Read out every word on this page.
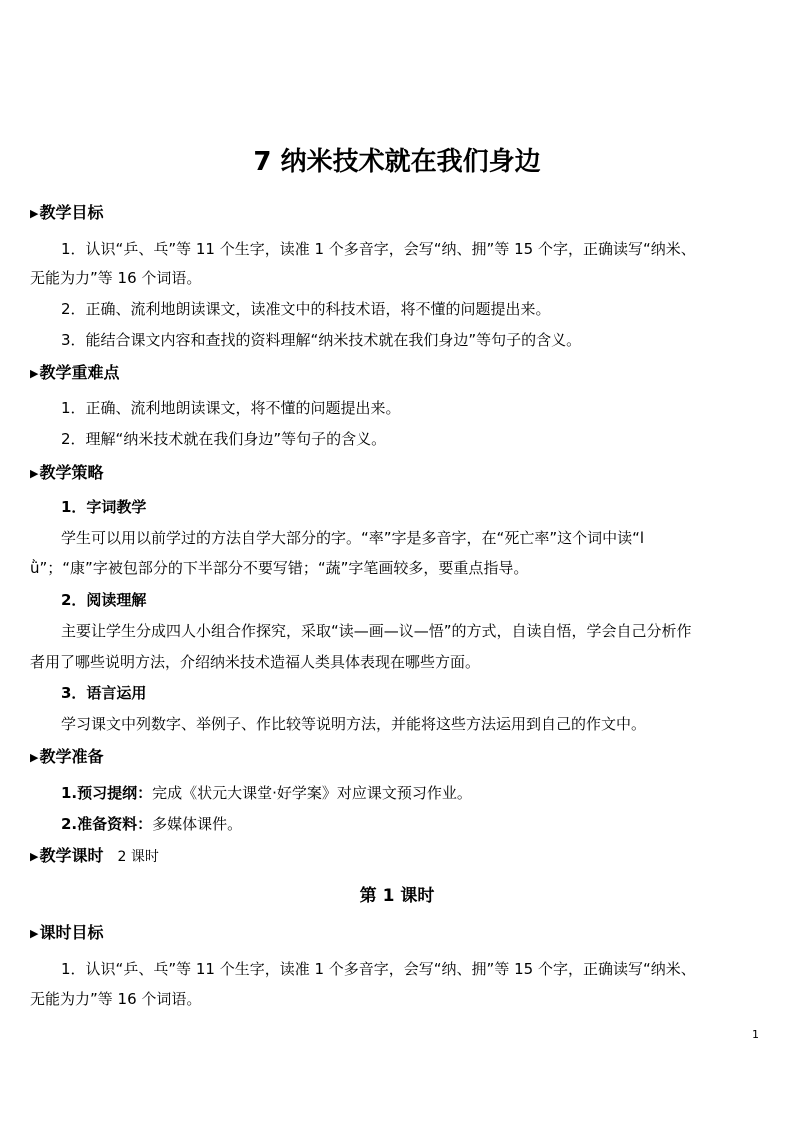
7 纳米技术就在我们身边
▶教学目标
1．认识“乒、乓”等 11 个生字，读准 1 个多音字，会写“纳、拥”等 15 个字，正确读写“纳米、
无能为力”等 16 个词语。
2．正确、流利地朗读课文，读准文中的科技术语，将不懂的问题提出来。
3．能结合课文内容和查找的资料理解“纳米技术就在我们身边”等句子的含义。
▶教学重难点
1．正确、流利地朗读课文，将不懂的问题提出来。
2．理解“纳米技术就在我们身边”等句子的含义。
▶教学策略
1．字词教学
学生可以用以前学过的方法自学大部分的字。“率”字是多音字，在“死亡率”这个词中读“l
ǜ”；“康”字被包部分的下半部分不要写错；“蔬”字笔画较多，要重点指导。
2．阅读理解
主要让学生分成四人小组合作探究，采取“读—画—议—悟”的方式，自读自悟，学会自己分析作
者用了哪些说明方法，介绍纳米技术造福人类具体表现在哪些方面。
3．语言运用
学习课文中列数字、举例子、作比较等说明方法，并能将这些方法运用到自己的作文中。
▶教学准备
1.预习提纲：完成《状元大课堂·好学案》对应课文预习作业。
2.准备资料：多媒体课件。
▶教学课时 2 课时
第 1 课时
▶课时目标
1．认识“乒、乓”等 11 个生字，读准 1 个多音字，会写“纳、拥”等 15 个字，正确读写“纳米、
无能为力”等 16 个词语。
1
